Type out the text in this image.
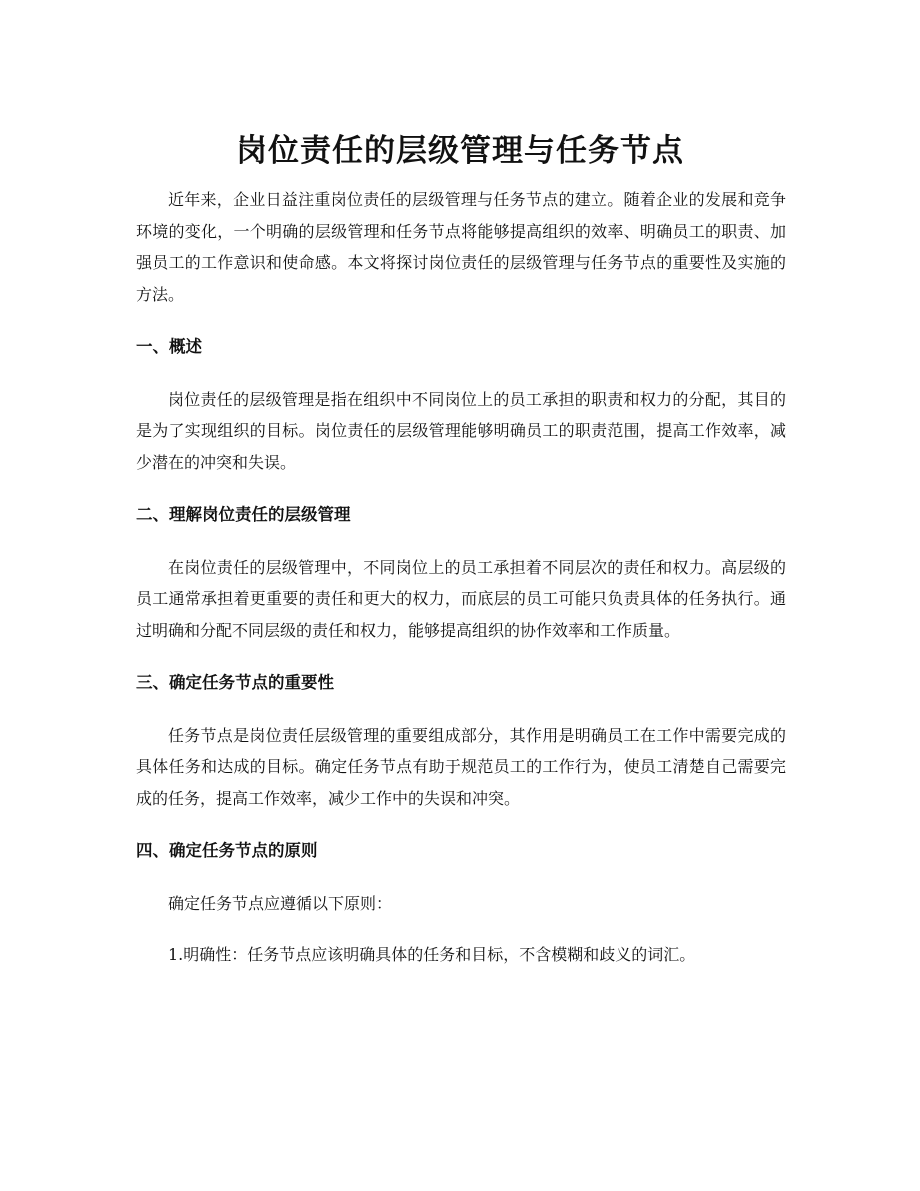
岗位责任的层级管理与任务节点

近年来，企业日益注重岗位责任的层级管理与任务节点的建立。随着企业的发展和竞争环境的变化，一个明确的层级管理和任务节点将能够提高组织的效率、明确员工的职责、加强员工的工作意识和使命感。本文将探讨岗位责任的层级管理与任务节点的重要性及实施的方法。

一、概述

岗位责任的层级管理是指在组织中不同岗位上的员工承担的职责和权力的分配，其目的是为了实现组织的目标。岗位责任的层级管理能够明确员工的职责范围，提高工作效率，减少潜在的冲突和失误。

二、理解岗位责任的层级管理

在岗位责任的层级管理中，不同岗位上的员工承担着不同层次的责任和权力。高层级的员工通常承担着更重要的责任和更大的权力，而底层的员工可能只负责具体的任务执行。通过明确和分配不同层级的责任和权力，能够提高组织的协作效率和工作质量。

三、确定任务节点的重要性

任务节点是岗位责任层级管理的重要组成部分，其作用是明确员工在工作中需要完成的具体任务和达成的目标。确定任务节点有助于规范员工的工作行为，使员工清楚自己需要完成的任务，提高工作效率，减少工作中的失误和冲突。

四、确定任务节点的原则

确定任务节点应遵循以下原则：

1.明确性：任务节点应该明确具体的任务和目标，不含模糊和歧义的词汇。
